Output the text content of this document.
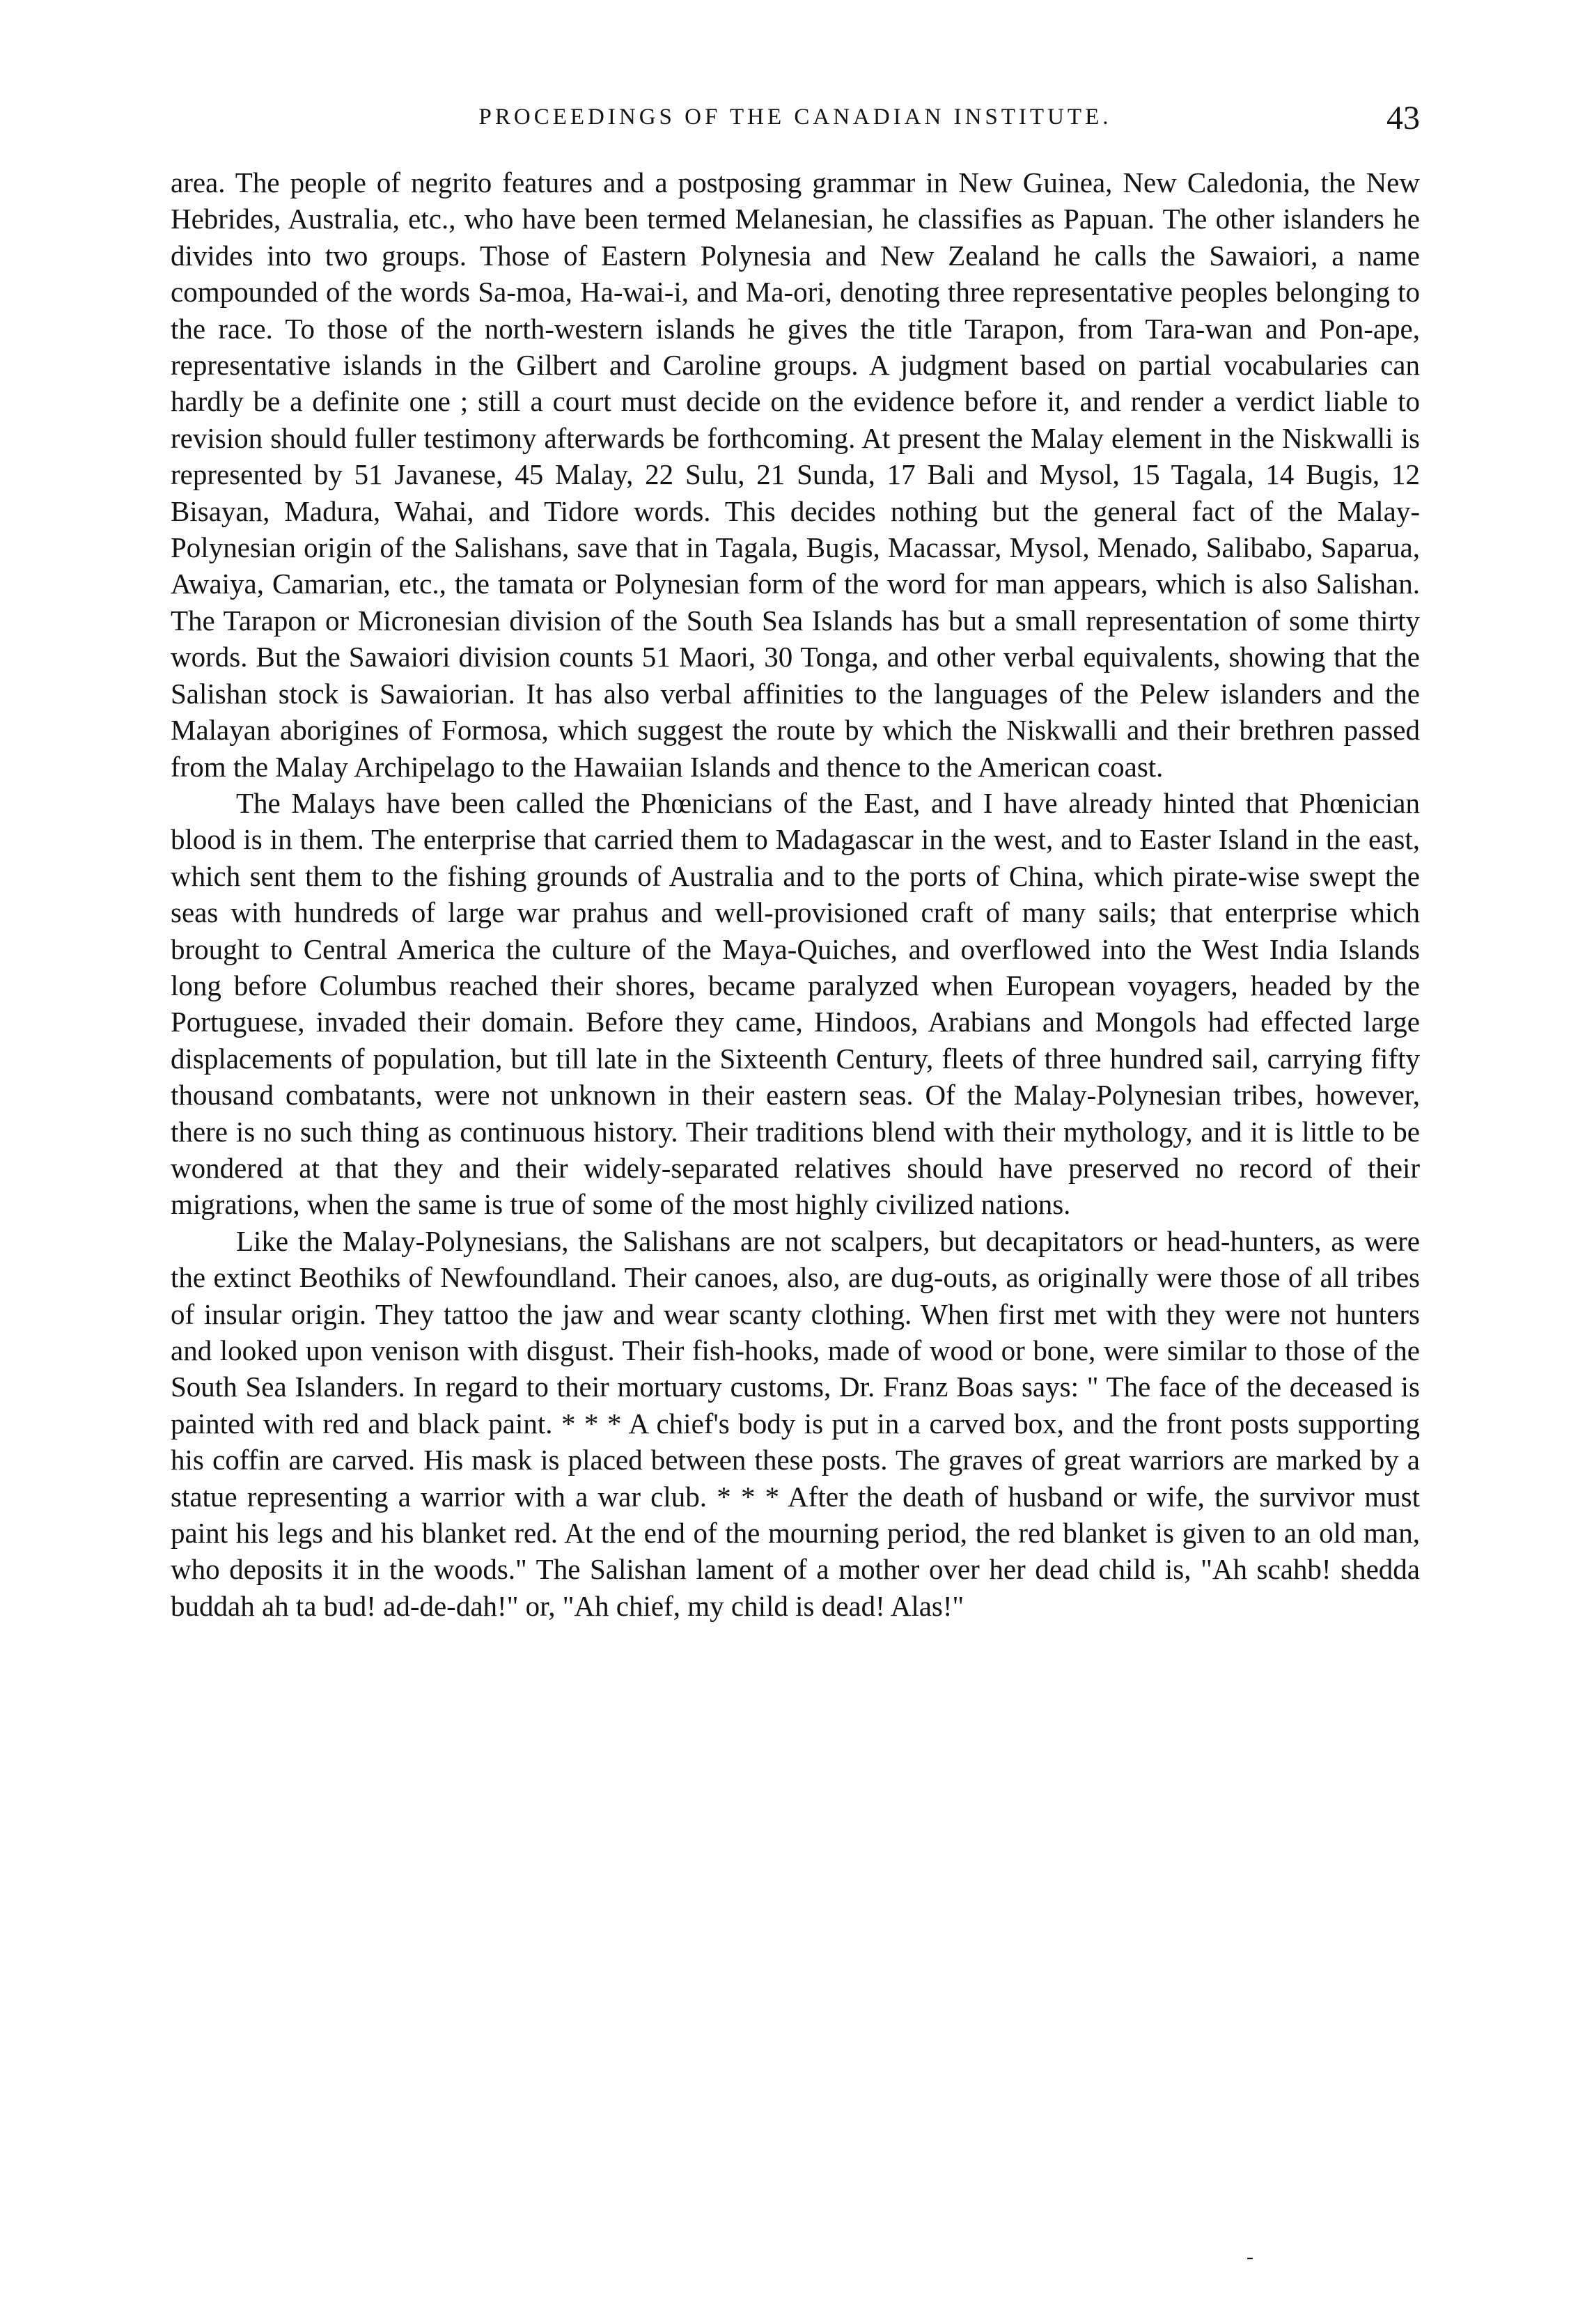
PROCEEDINGS OF THE CANADIAN INSTITUTE.	43

area. The people of negrito features and a postposing grammar in New Guinea, New Caledonia, the New Hebrides, Australia, etc., who have been termed Melanesian, he classifies as Papuan. The other islanders he divides into two groups. Those of Eastern Polynesia and New Zealand he calls the Sawaiori, a name compounded of the words Sa-moa, Ha-wai-i, and Ma-ori, denoting three representative peoples belonging to the race. To those of the north-western islands he gives the title Tarapon, from Tara-wan and Pon-ape, representative islands in the Gilbert and Caroline groups. A judgment based on partial vocabularies can hardly be a definite one ; still a court must decide on the evidence before it, and render a verdict liable to revision should fuller testimony afterwards be forthcoming. At present the Malay element in the Niskwalli is represented by 51 Javanese, 45 Malay, 22 Sulu, 21 Sunda, 17 Bali and Mysol, 15 Tagala, 14 Bugis, 12 Bisayan, Madura, Wahai, and Tidore words. This decides nothing but the general fact of the Malay-Polynesian origin of the Salishans, save that in Tagala, Bugis, Macassar, Mysol, Menado, Salibabo, Saparua, Awaiya, Camarian, etc., the tamata or Polynesian form of the word for man appears, which is also Salishan. The Tarapon or Micronesian division of the South Sea Islands has but a small representation of some thirty words. But the Sawaiori division counts 51 Maori, 30 Tonga, and other verbal equivalents, showing that the Salishan stock is Sawaiorian. It has also verbal affinities to the languages of the Pelew islanders and the Malayan aborigines of Formosa, which suggest the route by which the Niskwalli and their brethren passed from the Malay Archipelago to the Hawaiian Islands and thence to the American coast.

The Malays have been called the Phœnicians of the East, and I have already hinted that Phœnician blood is in them. The enterprise that carried them to Madagascar in the west, and to Easter Island in the east, which sent them to the fishing grounds of Australia and to the ports of China, which pirate-wise swept the seas with hundreds of large war prahus and well-provisioned craft of many sails; that enterprise which brought to Central America the culture of the Maya-Quiches, and overflowed into the West India Islands long before Columbus reached their shores, became paralyzed when European voyagers, headed by the Portuguese, invaded their domain. Before they came, Hindoos, Arabians and Mongols had effected large displacements of population, but till late in the Sixteenth Century, fleets of three hundred sail, carrying fifty thousand combatants, were not unknown in their eastern seas. Of the Malay-Polynesian tribes, however, there is no such thing as continuous history. Their traditions blend with their mythology, and it is little to be wondered at that they and their widely-separated relatives should have preserved no record of their migrations, when the same is true of some of the most highly civilized nations.

Like the Malay-Polynesians, the Salishans are not scalpers, but decapitators or head-hunters, as were the extinct Beothiks of Newfoundland. Their canoes, also, are dug-outs, as originally were those of all tribes of insular origin. They tattoo the jaw and wear scanty clothing. When first met with they were not hunters and looked upon venison with disgust. Their fish-hooks, made of wood or bone, were similar to those of the South Sea Islanders. In regard to their mortuary customs, Dr. Franz Boas says: " The face of the deceased is painted with red and black paint. * * * A chief's body is put in a carved box, and the front posts supporting his coffin are carved. His mask is placed between these posts. The graves of great warriors are marked by a statue representing a warrior with a war club. * * * After the death of husband or wife, the survivor must paint his legs and his blanket red. At the end of the mourning period, the red blanket is given to an old man, who deposits it in the woods." The Salishan lament of a mother over her dead child is, "Ah scahb! shedda buddah ah ta bud! ad-de-dah!" or, "Ah chief, my child is dead! Alas!"

-
